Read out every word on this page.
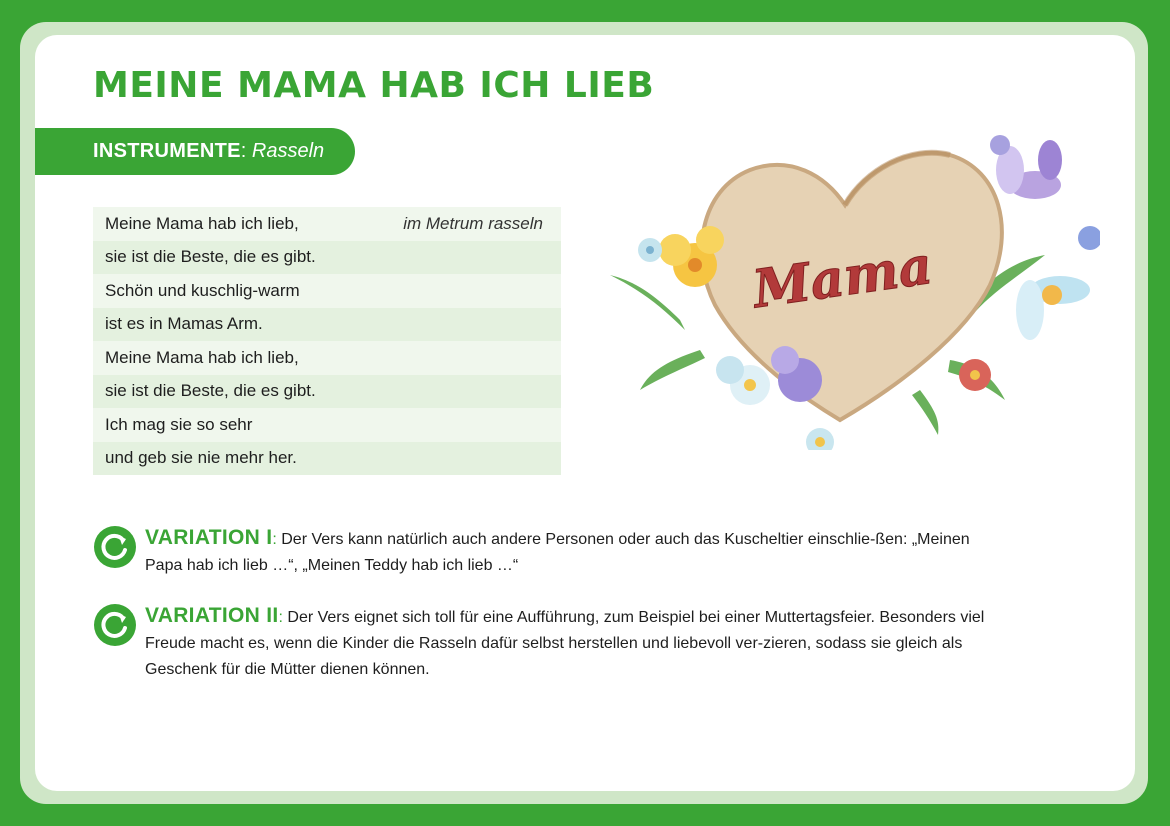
MEINE MAMA HAB ICH LIEB
INSTRUMENTE :
Rasseln
Meine Mama hab ich lieb,	im Metrum rasseln
sie ist die Beste, die es gibt.
Schön und kuschlig-warm
ist es in Mamas Arm.
Meine Mama hab ich lieb,
sie ist die Beste, die es gibt.
Ich mag sie so sehr
und geb sie nie mehr her.
Mama
VARIATION I: Der Vers kann natürlich auch andere Personen oder auch das Kuscheltier einschlie-ßen: „Meinen Papa hab ich lieb …“, „Meinen Teddy hab ich lieb …“
VARIATION II: Der Vers eignet sich toll für eine Aufführung, zum Beispiel bei einer Muttertagsfeier. Besonders viel Freude macht es, wenn die Kinder die Rasseln dafür selbst herstellen und liebevoll ver-zieren, sodass sie gleich als Geschenk für die Mütter dienen können.
